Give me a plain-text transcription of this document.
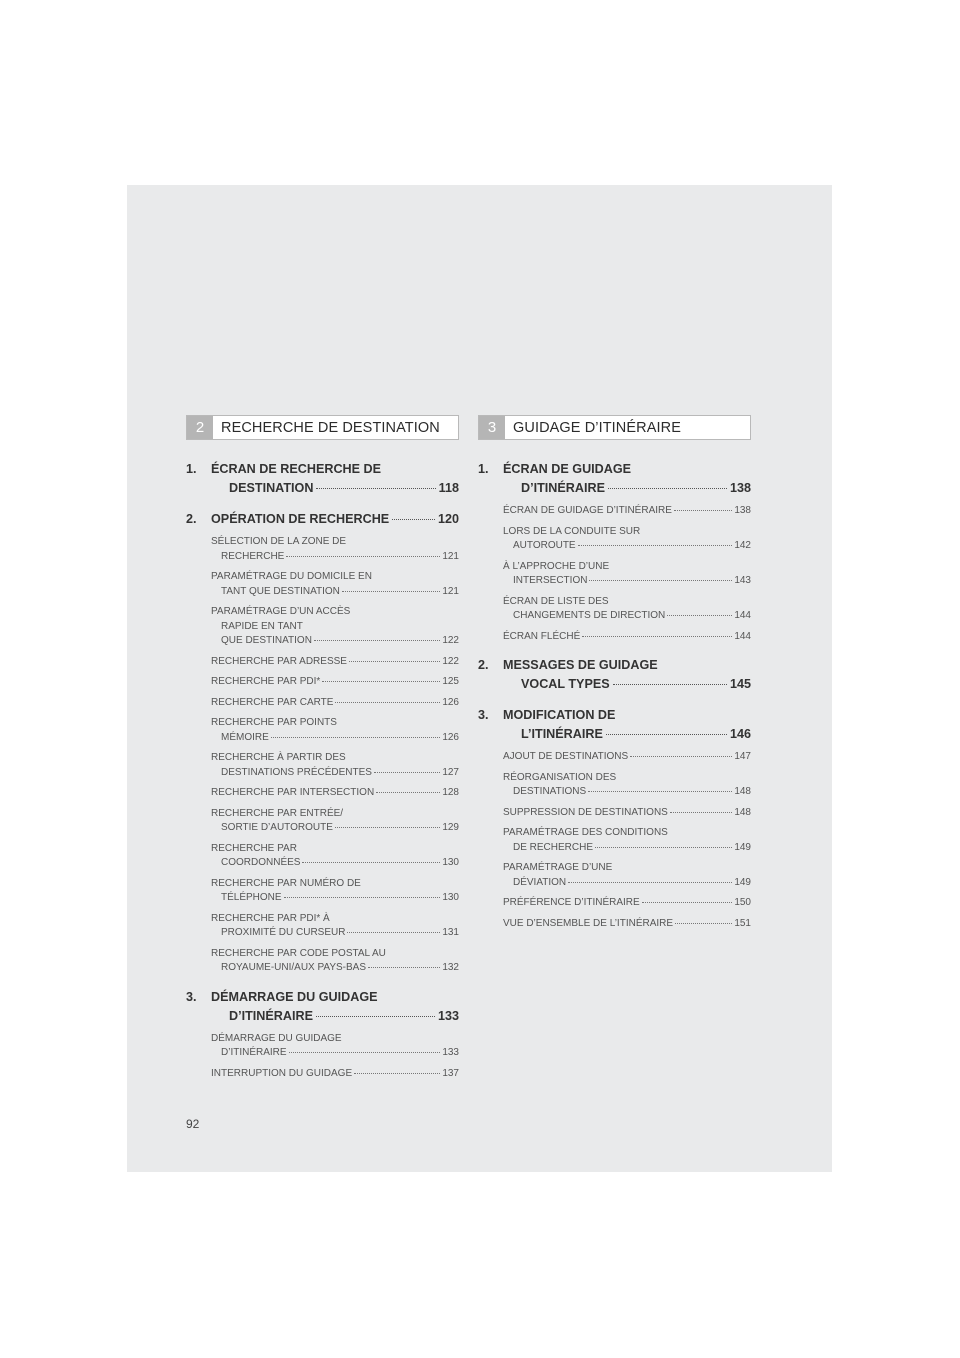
2	RECHERCHE DE DESTINATION
1. ÉCRAN DE RECHERCHE DE
DESTINATION	118
2. OPÉRATION DE RECHERCHE	120
SÉLECTION DE LA ZONE DE
RECHERCHE	121
PARAMÉTRAGE DU DOMICILE EN
TANT QUE DESTINATION	121
PARAMÉTRAGE D’UN ACCÈS
RAPIDE EN TANT
QUE DESTINATION	122
RECHERCHE PAR ADRESSE	122
RECHERCHE PAR PDI*	125
RECHERCHE PAR CARTE	126
RECHERCHE PAR POINTS
MÉMOIRE	126
RECHERCHE À PARTIR DES
DESTINATIONS PRÉCÉDENTES	127
RECHERCHE PAR INTERSECTION	128
RECHERCHE PAR ENTRÉE/
SORTIE D’AUTOROUTE	129
RECHERCHE PAR
COORDONNÉES	130
RECHERCHE PAR NUMÉRO DE
TÉLÉPHONE	130
RECHERCHE PAR PDI* À
PROXIMITÉ DU CURSEUR	131
RECHERCHE PAR CODE POSTAL AU
ROYAUME-UNI/AUX PAYS-BAS	132
3. DÉMARRAGE DU GUIDAGE
D’ITINÉRAIRE	133
DÉMARRAGE DU GUIDAGE
D’ITINÉRAIRE	133
INTERRUPTION DU GUIDAGE	137
3	GUIDAGE D’ITINÉRAIRE
1. ÉCRAN DE GUIDAGE
D’ITINÉRAIRE	138
ÉCRAN DE GUIDAGE D’ITINÉRAIRE	138
LORS DE LA CONDUITE SUR
AUTOROUTE	142
À L’APPROCHE D’UNE
INTERSECTION	143
ÉCRAN DE LISTE DES
CHANGEMENTS DE DIRECTION	144
ÉCRAN FLÉCHÉ	144
2. MESSAGES DE GUIDAGE
VOCAL TYPES	145
3. MODIFICATION DE
L’ITINÉRAIRE	146
AJOUT DE DESTINATIONS	147
RÉORGANISATION DES
DESTINATIONS	148
SUPPRESSION DE DESTINATIONS	148
PARAMÉTRAGE DES CONDITIONS
DE RECHERCHE	149
PARAMÉTRAGE D’UNE
DÉVIATION	149
PRÉFÉRENCE D’ITINÉRAIRE	150
VUE D’ENSEMBLE DE L’ITINÉRAIRE	151
92
